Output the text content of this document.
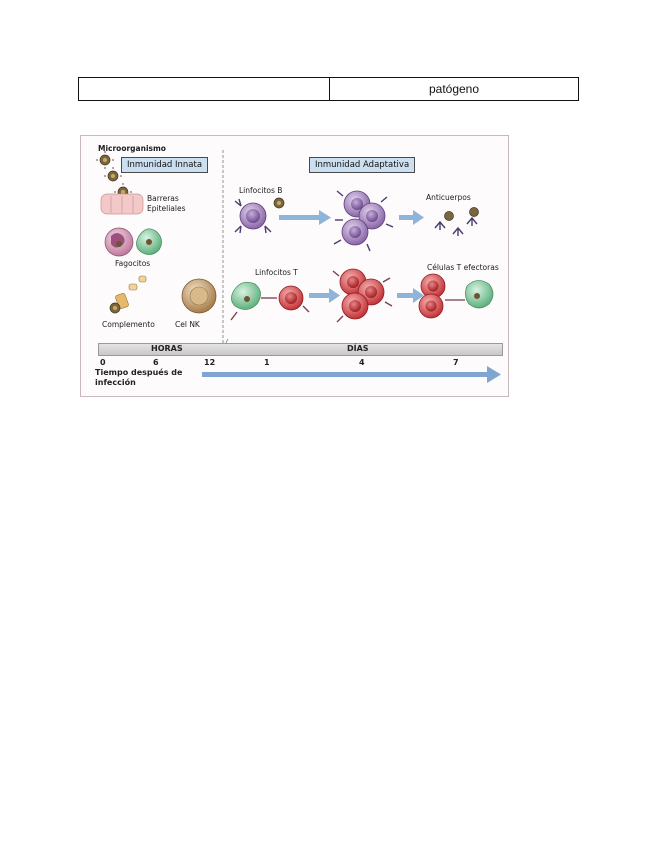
patógeno
Microorganismo
Inmunidad Innata	Inmunidad Adaptativa
Barreras
Epiteliales
Fagocitos
Complemento	Cel NK
Linfocitos B
Anticuerpos
Linfocitos T
Células T efectoras
HORAS	DÍAS
0	6	12	1	4	7
Tiempo después de
infección
